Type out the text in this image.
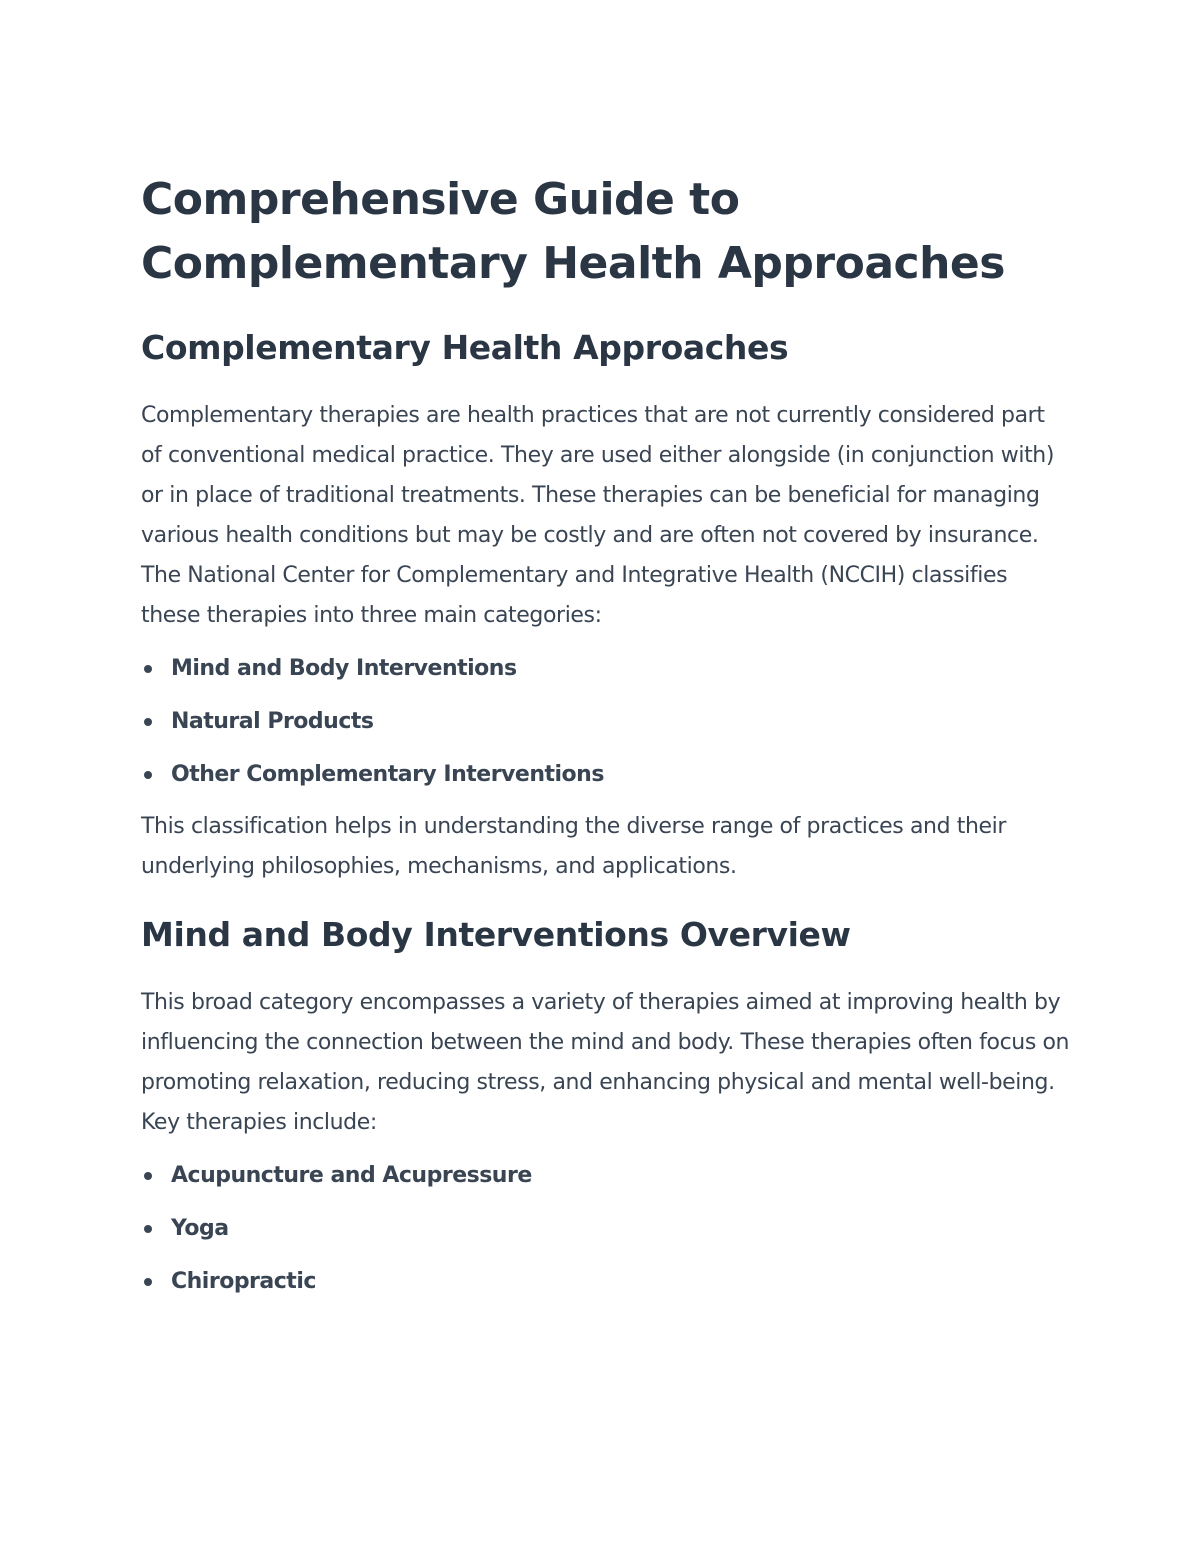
Comprehensive Guide to Complementary Health Approaches
Complementary Health Approaches

Complementary therapies are health practices that are not currently considered part of conventional medical practice. They are used either alongside (in conjunction with) or in place of traditional treatments. These therapies can be beneficial for managing various health conditions but may be costly and are often not covered by insurance. The National Center for Complementary and Integrative Health (NCCIH) classifies these therapies into three main categories:

Mind and Body Interventions
Natural Products
Other Complementary Interventions

This classification helps in understanding the diverse range of practices and their underlying philosophies, mechanisms, and applications.

Mind and Body Interventions Overview

This broad category encompasses a variety of therapies aimed at improving health by influencing the connection between the mind and body. These therapies often focus on promoting relaxation, reducing stress, and enhancing physical and mental well-being. Key therapies include:

Acupuncture and Acupressure
Yoga
Chiropractic
